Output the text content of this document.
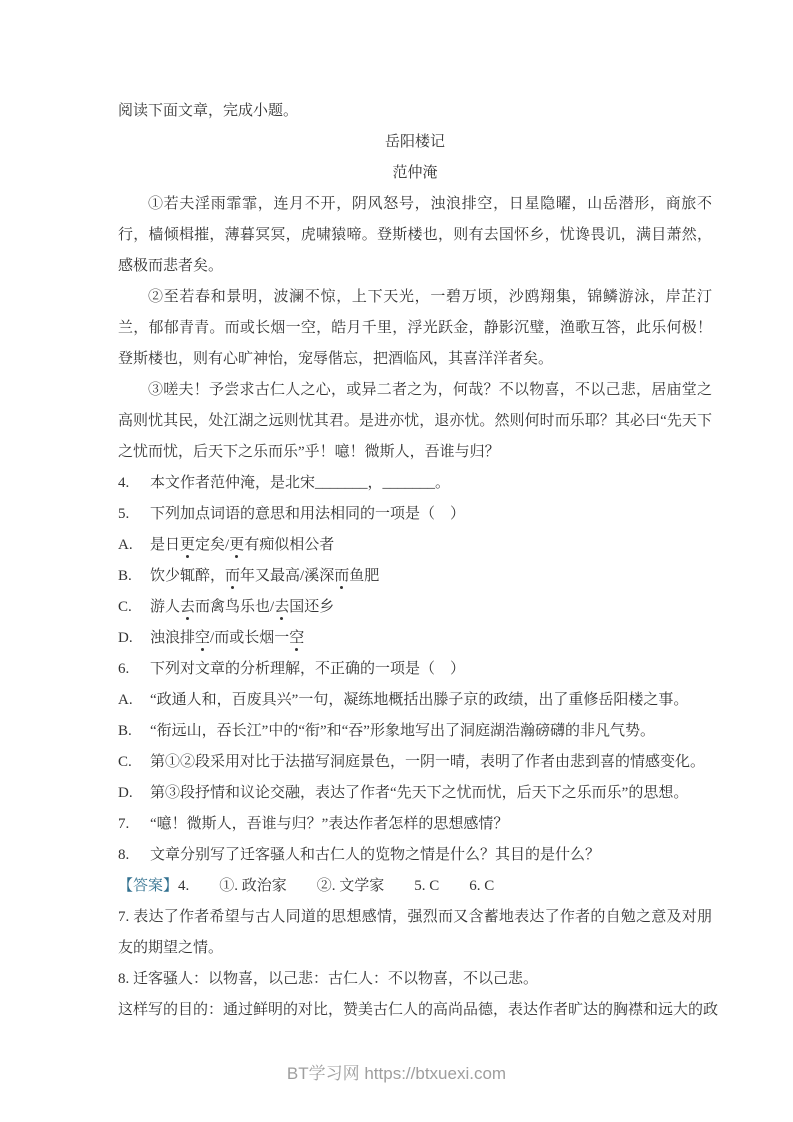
阅读下面文章，完成小题。

岳阳楼记

范仲淹

①若夫淫雨霏霏，连月不开，阴风怒号，浊浪排空，日星隐曜，山岳潜形，商旅不行，樯倾楫摧，薄暮冥冥，虎啸猿啼。登斯楼也，则有去国怀乡，忧谗畏讥，满目萧然，感极而悲者矣。

②至若春和景明，波澜不惊，上下天光，一碧万顷，沙鸥翔集，锦鳞游泳，岸芷汀兰，郁郁青青。而或长烟一空，皓月千里，浮光跃金，静影沉璧，渔歌互答，此乐何极！登斯楼也，则有心旷神怡，宠辱偕忘，把酒临风，其喜洋洋者矣。

③嗟夫！予尝求古仁人之心，或异二者之为，何哉？不以物喜，不以己悲，居庙堂之高则忧其民，处江湖之远则忧其君。是进亦忧，退亦忧。然则何时而乐耶？其必曰“先天下之忧而忧，后天下之乐而乐”乎！噫！微斯人，吾谁与归？

4. 本文作者范仲淹，是北宋_______，_______。

5. 下列加点词语的意思和用法相同的一项是（　）

A. 是日更定矣/更有痴似相公者

B. 饮少辄醉，而年又最高/溪深而鱼肥

C. 游人去而禽鸟乐也/去国还乡

D. 浊浪排空/而或长烟一空

6. 下列对文章的分析理解，不正确的一项是（　）

A. “政通人和，百废具兴”一句，凝练地概括出滕子京的政绩，出了重修岳阳楼之事。

B. “衔远山，吞长江”中的“衔”和“吞”形象地写出了洞庭湖浩瀚磅礴的非凡气势。

C. 第①②段采用对比于法描写洞庭景色，一阴一晴，表明了作者由悲到喜的情感变化。

D. 第③段抒情和议论交融，表达了作者“先天下之忧而忧，后天下之乐而乐”的思想。

7. “噫！微斯人，吾谁与归？”表达作者怎样的思想感情？

8. 文章分别写了迁客骚人和古仁人的览物之情是什么？其目的是什么？

【答案】4.　　①. 政治家　　②. 文学家　　5. C　　6. C

7. 表达了作者希望与古人同道的思想感情，强烈而又含蓄地表达了作者的自勉之意及对朋友的期望之情。

8. 迁客骚人：以物喜，以己悲：古仁人：不以物喜，不以己悲。

这样写的目的：通过鲜明的对比，赞美古仁人的高尚品德，表达作者旷达的胸襟和远大的政

BT学习网 https://btxuexi.com
